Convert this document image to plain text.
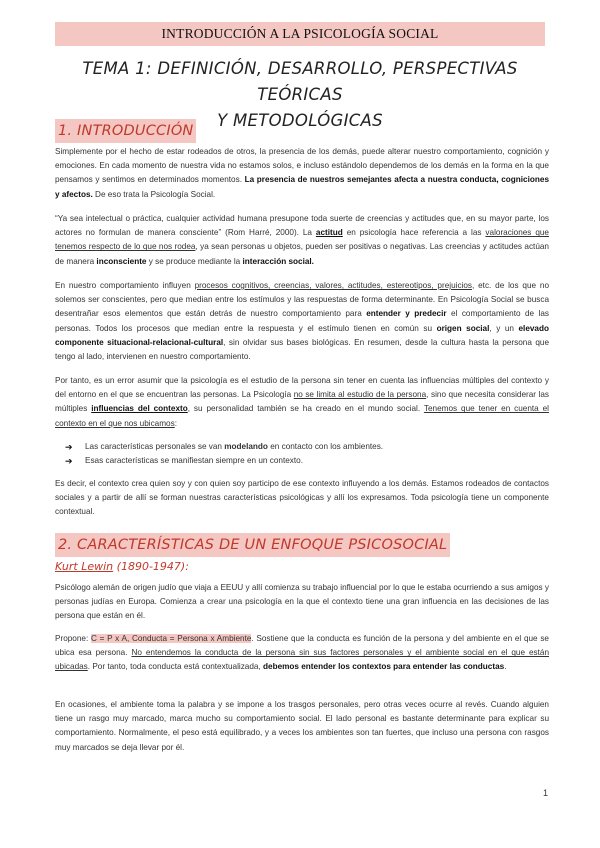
INTRODUCCIÓN A LA PSICOLOGÍA SOCIAL
TEMA 1: DEFINICIÓN, DESARROLLO, PERSPECTIVAS TEÓRICAS
Y METODOLÓGICAS
1. INTRODUCCIÓN

Simplemente por el hecho de estar rodeados de otros, la presencia de los demás, puede alterar nuestro comportamiento, cognición y emociones. En cada momento de nuestra vida no estamos solos, e incluso estándolo dependemos de los demás en la forma en la que pensamos y sentimos en determinados momentos. La presencia de nuestros semejantes afecta a nuestra conducta, cogniciones y afectos. De eso trata la Psicología Social.

“Ya sea intelectual o práctica, cualquier actividad humana presupone toda suerte de creencias y actitudes que, en su mayor parte, los actores no formulan de manera consciente” (Rom Harré, 2000). La actitud en psicología hace referencia a las valoraciones que tenemos respecto de lo que nos rodea, ya sean personas u objetos, pueden ser positivas o negativas. Las creencias y actitudes actúan de manera inconsciente y se produce mediante la interacción social.

En nuestro comportamiento influyen procesos cognitivos, creencias, valores, actitudes, estereotipos, prejuicios, etc. de los que no solemos ser conscientes, pero que median entre los estímulos y las respuestas de forma determinante. En Psicología Social se busca desentrañar esos elementos que están detrás de nuestro comportamiento para entender y predecir el comportamiento de las personas. Todos los procesos que median entre la respuesta y el estímulo tienen en común su origen social, y un elevado componente situacional-relacional-cultural, sin olvidar sus bases biológicas. En resumen, desde la cultura hasta la persona que tengo al lado, intervienen en nuestro comportamiento.

Por tanto, es un error asumir que la psicología es el estudio de la persona sin tener en cuenta las influencias múltiples del contexto y del entorno en el que se encuentran las personas. La Psicología no se limita al estudio de la persona, sino que necesita considerar las múltiples influencias del contexto, su personalidad también se ha creado en el mundo social. Tenemos que tener en cuenta el contexto en el que nos ubicamos:

➔	Las características personales se van modelando en contacto con los ambientes.
➔	Esas características se manifiestan siempre en un contexto.

Es decir, el contexto crea quien soy y con quien soy participo de ese contexto influyendo a los demás. Estamos rodeados de contactos sociales y a partir de allí se forman nuestras características psicológicas y allí los expresamos. Toda psicología tiene un componente contextual.

2. CARACTERÍSTICAS DE UN ENFOQUE PSICOSOCIAL
Kurt Lewin (1890-1947):

Psicólogo alemán de origen judío que viaja a EEUU y allí comienza su trabajo influencial por lo que le estaba ocurriendo a sus amigos y personas judías en Europa. Comienza a crear una psicología en la que el contexto tiene una gran influencia en las decisiones de las persona que están en él.

Propone: C = P x A, Conducta = Persona x Ambiente. Sostiene que la conducta es función de la persona y del ambiente en el que se ubica esa persona. No entendemos la conducta de la persona sin sus factores personales y el ambiente social en el que están ubicadas. Por tanto, toda conducta está contextualizada, debemos entender los contextos para entender las conductas.

En ocasiones, el ambiente toma la palabra y se impone a los trasgos personales, pero otras veces ocurre al revés. Cuando alguien tiene un rasgo muy marcado, marca mucho su comportamiento social. El lado personal es bastante determinante para explicar su comportamiento. Normalmente, el peso está equilibrado, y a veces los ambientes son tan fuertes, que incluso una persona con rasgos muy marcados se deja llevar por él.

1
